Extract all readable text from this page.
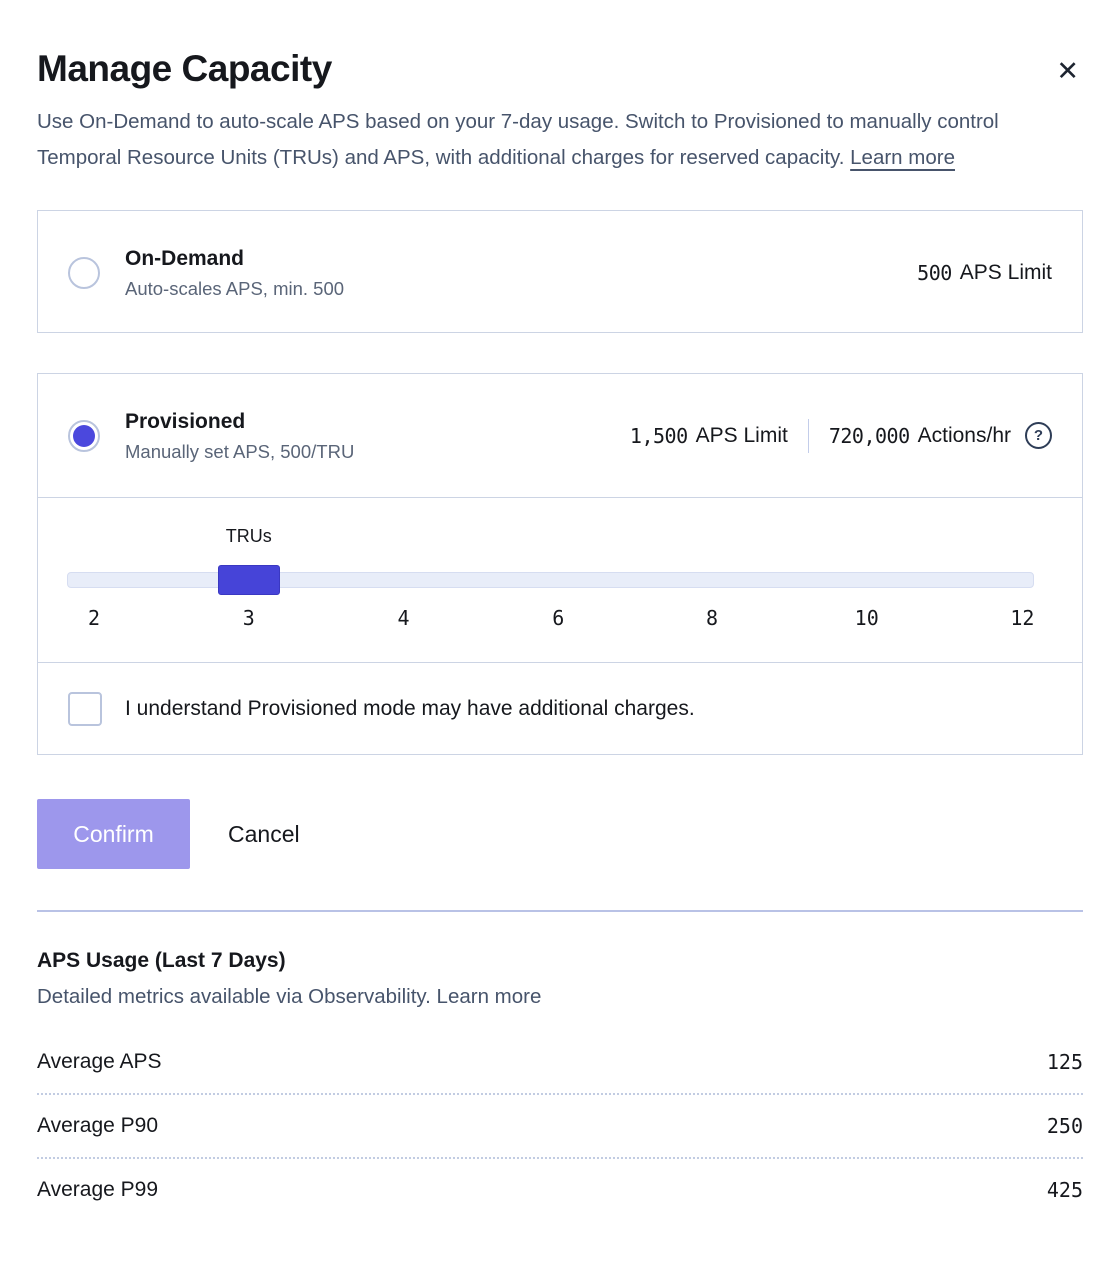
Manage Capacity	✕

Use On-Demand to auto-scale APS based on your 7-day usage. Switch to Provisioned to manually control Temporal Resource Units (TRUs) and APS, with additional charges for reserved capacity. Learn more

On-Demand
Auto-scales APS, min. 500
500 APS Limit
Provisioned
Manually set APS, 500/TRU
1,500 APS Limit 720,000 Actions/hr	?
TRUs
2	3	4	6	8	10	12
I understand Provisioned mode may have additional charges.
Confirm	Cancel
APS Usage (Last 7 Days)
Detailed metrics available via Observability. Learn more
Average APS	125
Average P90	250
Average P99	425
